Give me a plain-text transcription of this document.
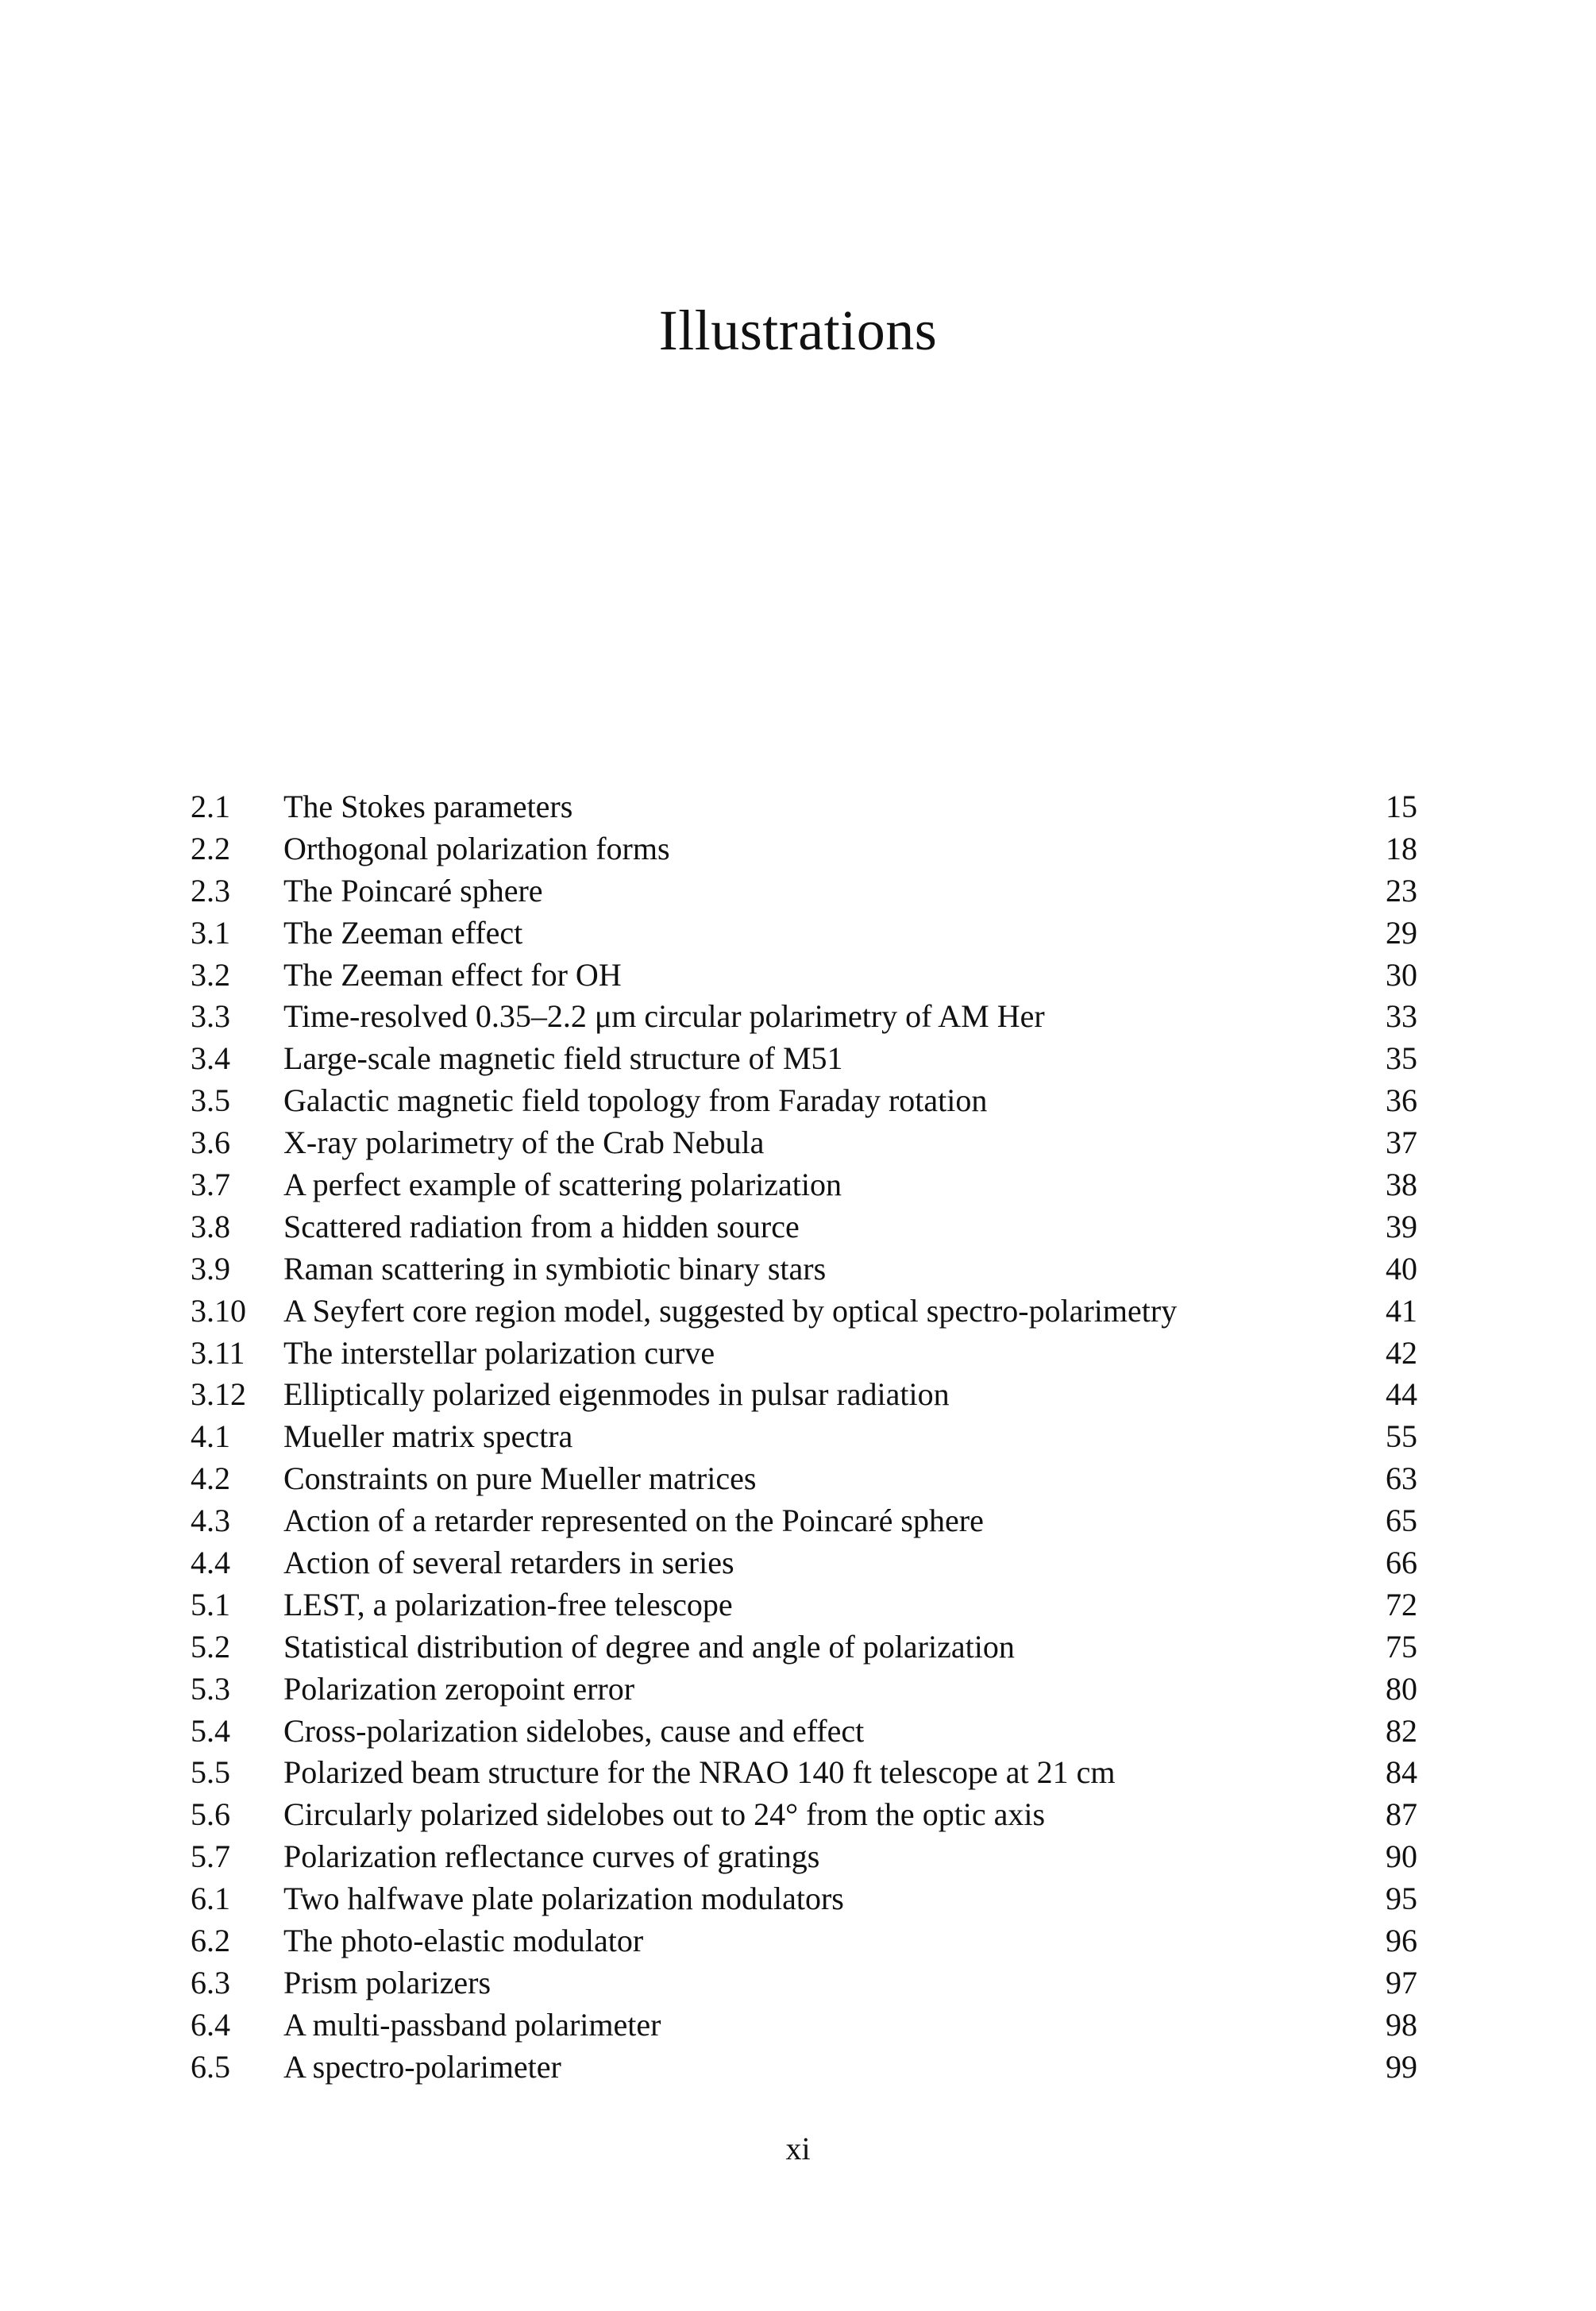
Illustrations
2.1 The Stokes parameters	15
2.2 Orthogonal polarization forms	18
2.3 The Poincaré sphere	23
3.1 The Zeeman effect	29
3.2 The Zeeman effect for OH	30
3.3 Time-resolved 0.35–2.2 μm circular polarimetry of AM Her	33
3.4 Large-scale magnetic field structure of M51	35
3.5 Galactic magnetic field topology from Faraday rotation	36
3.6 X-ray polarimetry of the Crab Nebula	37
3.7 A perfect example of scattering polarization	38
3.8 Scattered radiation from a hidden source	39
3.9 Raman scattering in symbiotic binary stars	40
3.10 A Seyfert core region model, suggested by optical spectro-polarimetry	41
3.11 The interstellar polarization curve	42
3.12 Elliptically polarized eigenmodes in pulsar radiation	44
4.1 Mueller matrix spectra	55
4.2 Constraints on pure Mueller matrices	63
4.3 Action of a retarder represented on the Poincaré sphere	65
4.4 Action of several retarders in series	66
5.1 LEST, a polarization-free telescope	72
5.2 Statistical distribution of degree and angle of polarization	75
5.3 Polarization zeropoint error	80
5.4 Cross-polarization sidelobes, cause and effect	82
5.5 Polarized beam structure for the NRAO 140 ft telescope at 21 cm	84
5.6 Circularly polarized sidelobes out to 24° from the optic axis	87
5.7 Polarization reflectance curves of gratings	90
6.1 Two halfwave plate polarization modulators	95
6.2 The photo-elastic modulator	96
6.3 Prism polarizers	97
6.4 A multi-passband polarimeter	98
6.5 A spectro-polarimeter	99
xi
